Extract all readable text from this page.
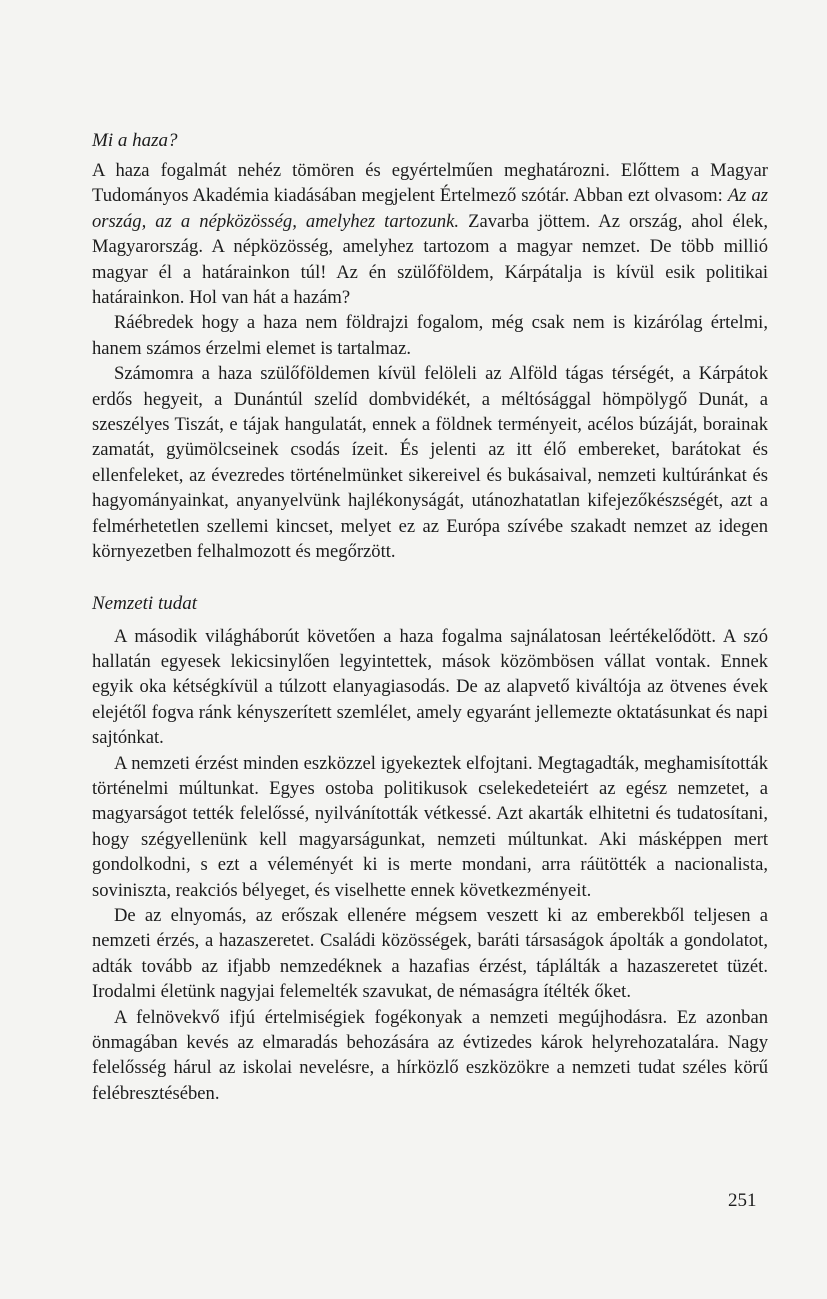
Mi a haza?

A haza fogalmát nehéz tömören és egyértelműen meghatározni. Előttem a Magyar Tudományos Akadémia kiadásában megjelent Értelmező szótár. Abban ezt olvasom: Az az ország, az a népközösség, amelyhez tartozunk. Zavarba jöttem. Az ország, ahol élek, Magyarország. A népközösség, amelyhez tartozom a magyar nemzet. De több millió magyar él a határainkon túl! Az én szülőföldem, Kárpátalja is kívül esik politikai határainkon. Hol van hát a hazám?

Ráébredek hogy a haza nem földrajzi fogalom, még csak nem is kizárólag értelmi, hanem számos érzelmi elemet is tartalmaz.

Számomra a haza szülőföldemen kívül felöleli az Alföld tágas térségét, a Kárpátok erdős hegyeit, a Dunántúl szelíd dombvidékét, a méltósággal hömpölygő Dunát, a szeszélyes Tiszát, e tájak hangulatát, ennek a földnek terményeit, acélos búzáját, borainak zamatát, gyümölcseinek csodás ízeit. És jelenti az itt élő embereket, barátokat és ellenfeleket, az évezredes történelmünket sikereivel és bukásaival, nemzeti kultúránkat és hagyományainkat, anyanyelvünk hajlékonyságát, utánozhatatlan kifejezőkészségét, azt a felmérhetetlen szellemi kincset, melyet ez az Európa szívébe szakadt nemzet az idegen környezetben felhalmozott és megőrzött.

Nemzeti tudat

A második világháborút követően a haza fogalma sajnálatosan leértékelődött. A szó hallatán egyesek lekicsinylően legyintettek, mások közömbösen vállat vontak. Ennek egyik oka kétségkívül a túlzott elanyagiasodás. De az alapvető kiváltója az ötvenes évek elejétől fogva ránk kényszerített szemlélet, amely egyaránt jellemezte oktatásunkat és napi sajtónkat.

A nemzeti érzést minden eszközzel igyekeztek elfojtani. Megtagadták, meghamisították történelmi múltunkat. Egyes ostoba politikusok cselekedeteiért az egész nemzetet, a magyarságot tették felelőssé, nyilvánították vétkessé. Azt akarták elhitetni és tudatosítani, hogy szégyellenünk kell magyarságunkat, nemzeti múltunkat. Aki másképpen mert gondolkodni, s ezt a véleményét ki is merte mondani, arra ráütötték a nacionalista, soviniszta, reakciós bélyeget, és viselhette ennek következményeit.

De az elnyomás, az erőszak ellenére mégsem veszett ki az emberekből teljesen a nemzeti érzés, a hazaszeretet. Családi közösségek, baráti társaságok ápolták a gondolatot, adták tovább az ifjabb nemzedéknek a hazafias érzést, táplálták a hazaszeretet tüzét. Irodalmi életünk nagyjai felemelték szavukat, de némaságra ítélték őket.

A felnövekvő ifjú értelmiségiek fogékonyak a nemzeti megújhodásra. Ez azonban önmagában kevés az elmaradás behozására az évtizedes károk helyrehozatalára. Nagy felelősség hárul az iskolai nevelésre, a hírközlő eszközökre a nemzeti tudat széles körű felébresztésében.

251
